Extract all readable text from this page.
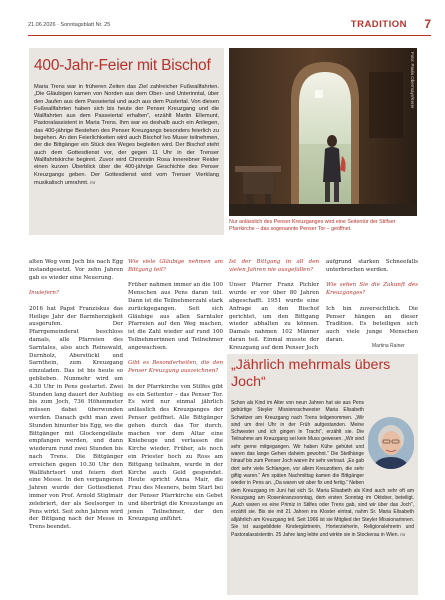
21.06.2026 · Sonntagsblatt Nr. 25	TRADITION 7
400-Jahr-Feier mit Bischof
Maria Trens war in früheren Zeiten das Ziel zahlreicher Fußwallfahrten. „Die Gläubigen kamen von Norden aus dem Ober- und Unterinntal, über den Jaufen aus dem Passeiertal und auch aus dem Pustertal. Von diesen Fußwallfahrten haben sich bis heute der Penser Kreuzgang und die Wallfahrten aus dem Passeiertal erhalten“, erzählt Martin Ellemunt, Pastoralassistent in Maria Trens. Ihm war es deshalb auch ein Anliegen, das 400-jährige Bestehen des Penser Kreuzgangs besonders feierlich zu begehen. An den Feierlichkeiten wird auch Bischof Ivo Muser teilnehmen, der die Bittgänger ein Stück des Weges begleiten wird. Der Bischof steht auch dem Gottesdienst vor, der gegen 11 Uhr in der Trenser Wallfahrtskirche beginnt. Zuvor wird Chronistin Rosa Innerebner Reider einen kurzen Überblick über die 400-jährige Geschichte des Penser Kreuzgangs geben. Der Gottesdienst wird vom Trenser Vierklang musikalisch umrahmt. mr
Foto: Paula Obermayr/Kerer
Nur anlässlich des Penser Kreuzganges wird eine Seitentür der Stilfser Pfarrkirche – das sogenannte Penser Tor – geöffnet.

alten Weg vom Joch bis nach Egg instandgesetzt. Vor zehn Jahren gab es wieder eine Neuerung.

Inwiefern?

2016 hat Papst Franziskus das Heilige Jahr der Barmherzigkeit ausgerufen. Der Pfarrgemeinderat beschloss damals, alle Pfarreien des Sarntales, also auch Reinswald, Durnholz, Aberstückl und Sarnthein, zum Kreuzgang einzuladen. Das ist bis heute so geblieben. Nunmehr wird um 4.30 Uhr in Pens gestartet. Zwei Stunden lang dauert der Aufstieg bis zum Joch, 736 Höhenmeter müssen dabei überwunden werden. Danach geht man zwei Stunden hinunter bis Egg, wo die Bittgänger mit Glockengeläute empfangen werden, und dann wiederum rund zwei Stunden bis nach Trens. Die Bittgänger erreichen gegen 10.30 Uhr den Wallfahrtsort und feiern dort eine Messe. In den vergangenen Jahren wurde der Gottesdienst immer von Prof. Arnold Stiglmair zelebriert, der als Seelsorger in Pens wirkt. Seit zehn Jahren wird der Bittgang nach der Messe in Trens beendet.

Wie viele Gläubige nehmen am Bittgang teil?

Früher nahmen immer an die 100 Menschen aus Pens daran teil. Dann ist die Teilnehmerzahl stark zurückgegangen. Seit sich Gläubige aus allen Sarntaler Pfarreien auf den Weg machen, ist die Zahl wieder auf rund 100 Teilnehmerinnen und Teilnehmer angewachsen.

Gibt es Besonderheiten, die den Penser Kreuzgang auszeichnen?

In der Pfarrkirche von Stilfes gibt es ein Seitentor – das Penser Tor. Es wird nur einmal jährlich anlässlich des Kreuzganges der Penser geöffnet. Alle Bittgänger gehen durch das Tor durch, machen vor dem Altar eine Kniebeuge und verlassen die Kirche wieder. Früher, als noch ein Priester hoch zu Ross am Bittgang teilnahm, wurde in der Kirche auch Geld gespendet. Heute spricht Anna Mair, die Frau des Mesners, beim Start bei der Penser Pfarrkirche ein Gebet und überträgt die Kreuzstange an jenen Teilnehmer, der den Kreuzgang anführt.

Ist der Bittgang in all den vielen Jahren nie ausgefallen?

Unser Pfarrer Franz Pichler wurde er vor über 80 Jahren abgeschafft. 1951 wurde eine Anfrage an den Bischof gerichtet, um den Bittgang wieder abhalten zu können. Damals nahmen 102 Männer daran teil. Einmal musste der Kreuzgang auf dem Penser Joch

aufgrund starken Schneefalls unterbrochen werden.

Wie sehen Sie die Zukunft des Kreuzganges?

Ich bin zuversichtlich. Die Penser hängen an dieser Tradition. Es beteiligen sich auch viele junge Menschen daran.

Martina Rainer
„Jährlich mehrmals übers Joch“
Schon als Kind im Alter von neun Jahren hat sie aus Pens gebürtige Steyler Missionsschwester Maria Elisabeth Schwitzer am Kreuzgang nach Trens teilgenommen. „Wir sind um drei Uhr in der Früh aufgestanden. Meine Schwester und ich gingen in Tracht“, erzählt sie. Die Teilnahme am Kreuzgang sei kein Muss gewesen. „Wir sind sehr gerne mitgegangen. Wir haben Kühe gehütet und waren das lange Gehen daheim gewohnt.“ Die Steilhänge hinauf bis zum Penser Joch waren ihr sehr vertraut. „Es gab dort sehr viele Schlangen, vor allem Kreuzottern, die sehr giftig waren.“ Am späten Nachmittag kamen die Bittgänger wieder in Pens an. „Da waren wir aber fix und fertig.“ Neben dem Kreuzgang im Juni hat sich Sr. Maria Elisabeth als Kind auch sehr oft am Kreuzgang am Rosenkranzsonntag, dem ersten Sonntag im Oktober, beteiligt. „Auch waren es eine Primiz in Stilfes oder Trens gab, sind wir über das Joch“, erzählt sie. Bis sie mit 21 Jahren ins Kloster eintrat, nahm Sr. Maria Elisabeth alljährlich am Kreuzgang teil. Seit 1966 ist sie Mitglied der Steyler Missionarinnen. Sie ist ausgebildete Kindergärtnerin, Horterzieherin, Religionslehrerin und Pastoralassistentin. 25 Jahre lang lebte und wirkte sie in Stockerau in Wien. mr
